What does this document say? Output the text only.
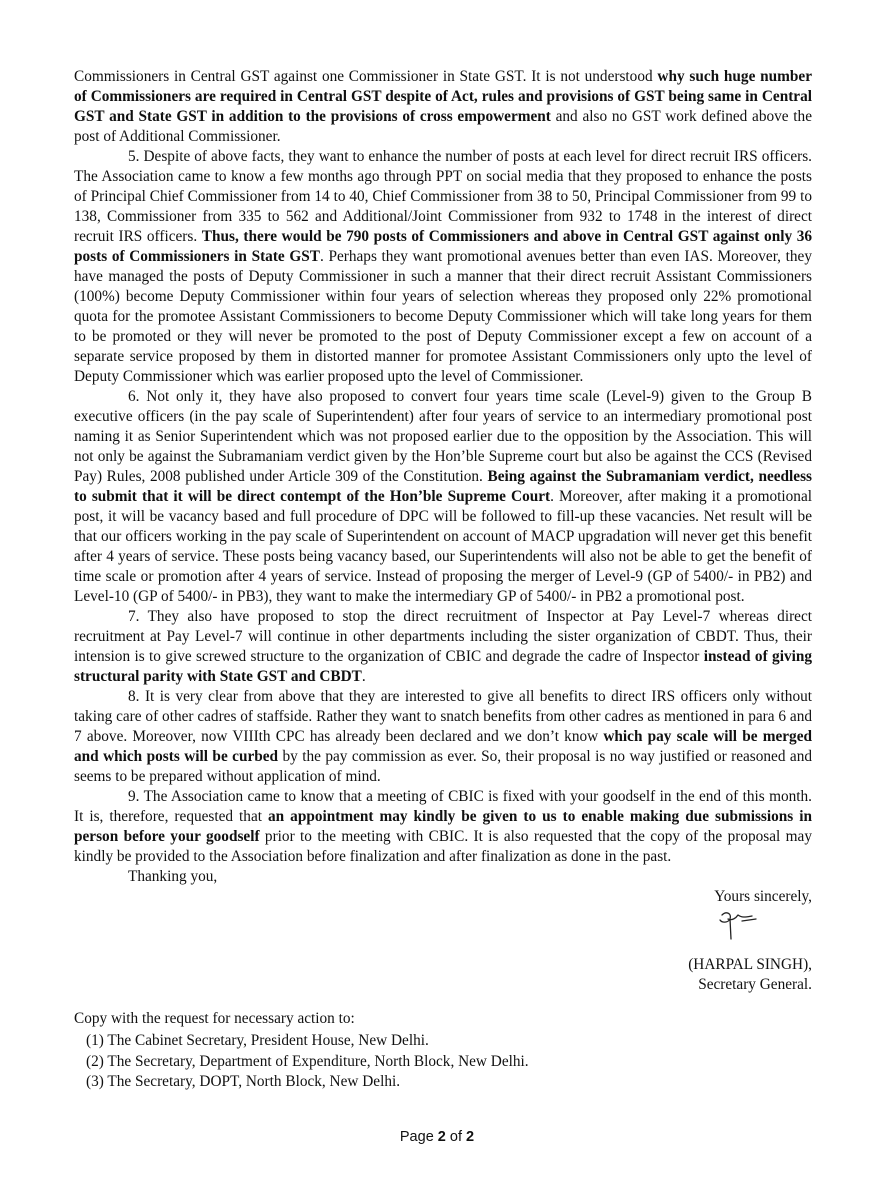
Commissioners in Central GST against one Commissioner in State GST. It is not understood why such huge number of Commissioners are required in Central GST despite of Act, rules and provisions of GST being same in Central GST and State GST in addition to the provisions of cross empowerment and also no GST work defined above the post of Additional Commissioner.

5. Despite of above facts, they want to enhance the number of posts at each level for direct recruit IRS officers. The Association came to know a few months ago through PPT on social media that they proposed to enhance the posts of Principal Chief Commissioner from 14 to 40, Chief Commissioner from 38 to 50, Principal Commissioner from 99 to 138, Commissioner from 335 to 562 and Additional/Joint Commissioner from 932 to 1748 in the interest of direct recruit IRS officers. Thus, there would be 790 posts of Commissioners and above in Central GST against only 36 posts of Commissioners in State GST. Perhaps they want promotional avenues better than even IAS. Moreover, they have managed the posts of Deputy Commissioner in such a manner that their direct recruit Assistant Commissioners (100%) become Deputy Commissioner within four years of selection whereas they proposed only 22% promotional quota for the promotee Assistant Commissioners to become Deputy Commissioner which will take long years for them to be promoted or they will never be promoted to the post of Deputy Commissioner except a few on account of a separate service proposed by them in distorted manner for promotee Assistant Commissioners only upto the level of Deputy Commissioner which was earlier proposed upto the level of Commissioner.

6. Not only it, they have also proposed to convert four years time scale (Level-9) given to the Group B executive officers (in the pay scale of Superintendent) after four years of service to an intermediary promotional post naming it as Senior Superintendent which was not proposed earlier due to the opposition by the Association. This will not only be against the Subramaniam verdict given by the Hon’ble Supreme court but also be against the CCS (Revised Pay) Rules, 2008 published under Article 309 of the Constitution. Being against the Subramaniam verdict, needless to submit that it will be direct contempt of the Hon’ble Supreme Court. Moreover, after making it a promotional post, it will be vacancy based and full procedure of DPC will be followed to fill-up these vacancies. Net result will be that our officers working in the pay scale of Superintendent on account of MACP upgradation will never get this benefit after 4 years of service. These posts being vacancy based, our Superintendents will also not be able to get the benefit of time scale or promotion after 4 years of service. Instead of proposing the merger of Level-9 (GP of 5400/- in PB2) and Level-10 (GP of 5400/- in PB3), they want to make the intermediary GP of 5400/- in PB2 a promotional post.

7. They also have proposed to stop the direct recruitment of Inspector at Pay Level-7 whereas direct recruitment at Pay Level-7 will continue in other departments including the sister organization of CBDT. Thus, their intension is to give screwed structure to the organization of CBIC and degrade the cadre of Inspector instead of giving structural parity with State GST and CBDT.

8. It is very clear from above that they are interested to give all benefits to direct IRS officers only without taking care of other cadres of staffside. Rather they want to snatch benefits from other cadres as mentioned in para 6 and 7 above. Moreover, now VIIIth CPC has already been declared and we don’t know which pay scale will be merged and which posts will be curbed by the pay commission as ever. So, their proposal is no way justified or reasoned and seems to be prepared without application of mind.

9. The Association came to know that a meeting of CBIC is fixed with your goodself in the end of this month. It is, therefore, requested that an appointment may kindly be given to us to enable making due submissions in person before your goodself prior to the meeting with CBIC. It is also requested that the copy of the proposal may kindly be provided to the Association before finalization and after finalization as done in the past.

Thanking you,

Yours sincerely,
(HARPAL SINGH),
Secretary General.
Copy with the request for necessary action to:
(1) The Cabinet Secretary, President House, New Delhi.
(2) The Secretary, Department of Expenditure, North Block, New Delhi.
(3) The Secretary, DOPT, North Block, New Delhi.
Page 2 of 2
